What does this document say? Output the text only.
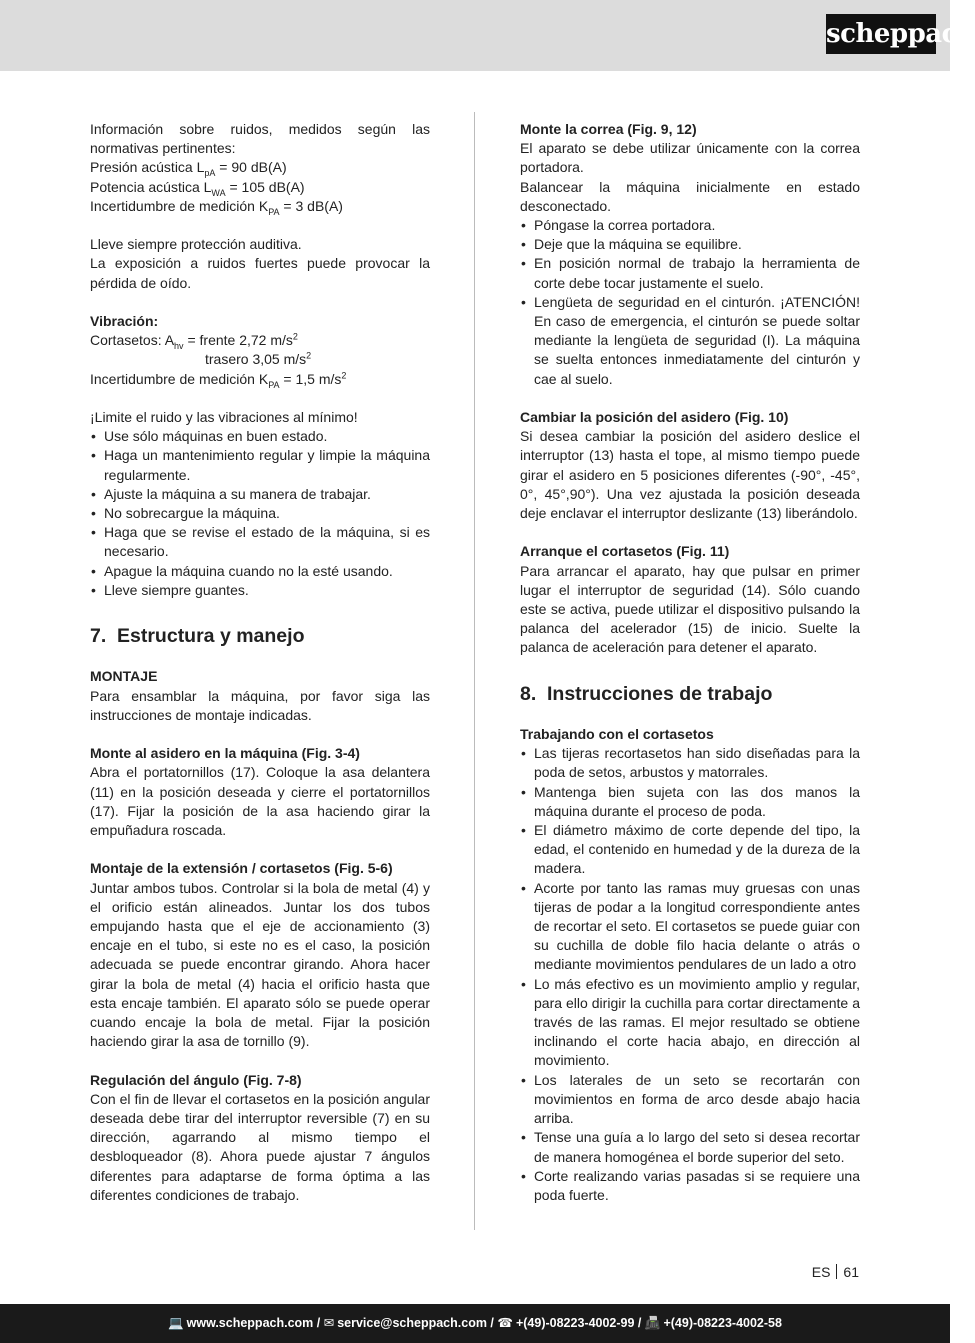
scheppach

Información sobre ruidos, medidos según las normativas pertinentes:

Presión acústica $L_{pA} = 90$ dB(A)

Potencia acústica $L_{WA} = 105$ dB(A)

Incertidumbre de medición $K_{PA} = 3$ dB(A)

Lleve siempre protección auditiva.

La exposición a ruidos fuertes puede provocar la pérdida de oído.

Vibración:

Cortasetos: $A_{hv}$ = frente 2,72 $m/s^2$

trasero 3,05 $m/s^2$

Incertidumbre de medición $K_{PA} = 1,5$ $m/s^2$

¡Limite el ruido y las vibraciones al mínimo!

• Use sólo máquinas en buen estado.
• Haga un mantenimiento regular y limpie la máquina regularmente.
• Ajuste la máquina a su manera de trabajar.
• No sobrecargue la máquina.
• Haga que se revise el estado de la máquina, si es necesario.
• Apague la máquina cuando no la esté usando.
• Lleve siempre guantes.

7. Estructura y manejo

MONTAJE

Para ensamblar la máquina, por favor siga las instrucciones de montaje indicadas.

Monte al asidero en la máquina (Fig. 3-4)

Abra el portatornillos (17). Coloque la asa delantera (11) en la posición deseada y cierre el portatornillos (17). Fijar la posición de la asa haciendo girar la empuñadura roscada.

Montaje de la extensión / cortasetos (Fig. 5-6)

Juntar ambos tubos. Controlar si la bola de metal (4) y el orificio están alineados. Juntar los dos tubos empujando hasta que el eje de accionamiento (3) encaje en el tubo, si este no es el caso, la posición adecuada se puede encontrar girando. Ahora hacer girar la bola de metal (4) hacia el orificio hasta que esta encaje también. El aparato sólo se puede operar cuando encaje la bola de metal. Fijar la posición haciendo girar la asa de tornillo (9).

Regulación del ángulo (Fig. 7-8)

Con el fin de llevar el cortasetos en la posición angular deseada debe tirar del interruptor reversible (7) en su dirección, agarrando al mismo tiempo el desbloqueador (8). Ahora puede ajustar 7 ángulos diferentes para adaptarse de forma óptima a las diferentes condiciones de trabajo.

Monte la correa (Fig. 9, 12)

El aparato se debe utilizar únicamente con la correa portadora.

Balancear la máquina inicialmente en estado desconectado.

• Póngase la correa portadora.
• Deje que la máquina se equilibre.
• En posición normal de trabajo la herramienta de corte debe tocar justamente el suelo.
• Lengüeta de seguridad en el cinturón. ¡ATENCIÓN! En caso de emergencia, el cinturón se puede soltar mediante la lengüeta de seguridad (I). La máquina se suelta entonces inmediatamente del cinturón y cae al suelo.

Cambiar la posición del asidero (Fig. 10)

Si desea cambiar la posición del asidero deslice el interruptor (13) hasta el tope, al mismo tiempo puede girar el asidero en 5 posiciones diferentes (-90°, -45°, 0°, 45°,90°). Una vez ajustada la posición deseada deje enclavar el interruptor deslizante (13) liberándolo.

Arranque el cortasetos (Fig. 11)

Para arrancar el aparato, hay que pulsar en primer lugar el interruptor de seguridad (14). Sólo cuando este se activa, puede utilizar el dispositivo pulsando la palanca del acelerador (15) de inicio. Suelte la palanca de aceleración para detener el aparato.

8. Instrucciones de trabajo

Trabajando con el cortasetos

• Las tijeras recortasetos han sido diseñadas para la poda de setos, arbustos y matorrales.
• Mantenga bien sujeta con las dos manos la máquina durante el proceso de poda.
• El diámetro máximo de corte depende del tipo, la edad, el contenido en humedad y de la dureza de la madera.
• Acorte por tanto las ramas muy gruesas con unas tijeras de podar a la longitud correspondiente antes de recortar el seto. El cortasetos se puede guiar con su cuchilla de doble filo hacia delante o atrás o mediante movimientos pendulares de un lado a otro
• Lo más efectivo es un movimiento amplio y regular, para ello dirigir la cuchilla para cortar directamente a través de las ramas. El mejor resultado se obtiene inclinando el corte hacia abajo, en dirección al movimiento.
• Los laterales de un seto se recortarán con movimientos en forma de arco desde abajo hacia arriba.
• Tense una guía a lo largo del seto si desea recortar de manera homogénea el borde superior del seto.
• Corte realizando varias pasadas si se requiere una poda fuerte.
ES 61
💻 www.scheppach.com / ✉ service@scheppach.com / ☎ +(49)-08223-4002-99 / 📠 +(49)-08223-4002-58
